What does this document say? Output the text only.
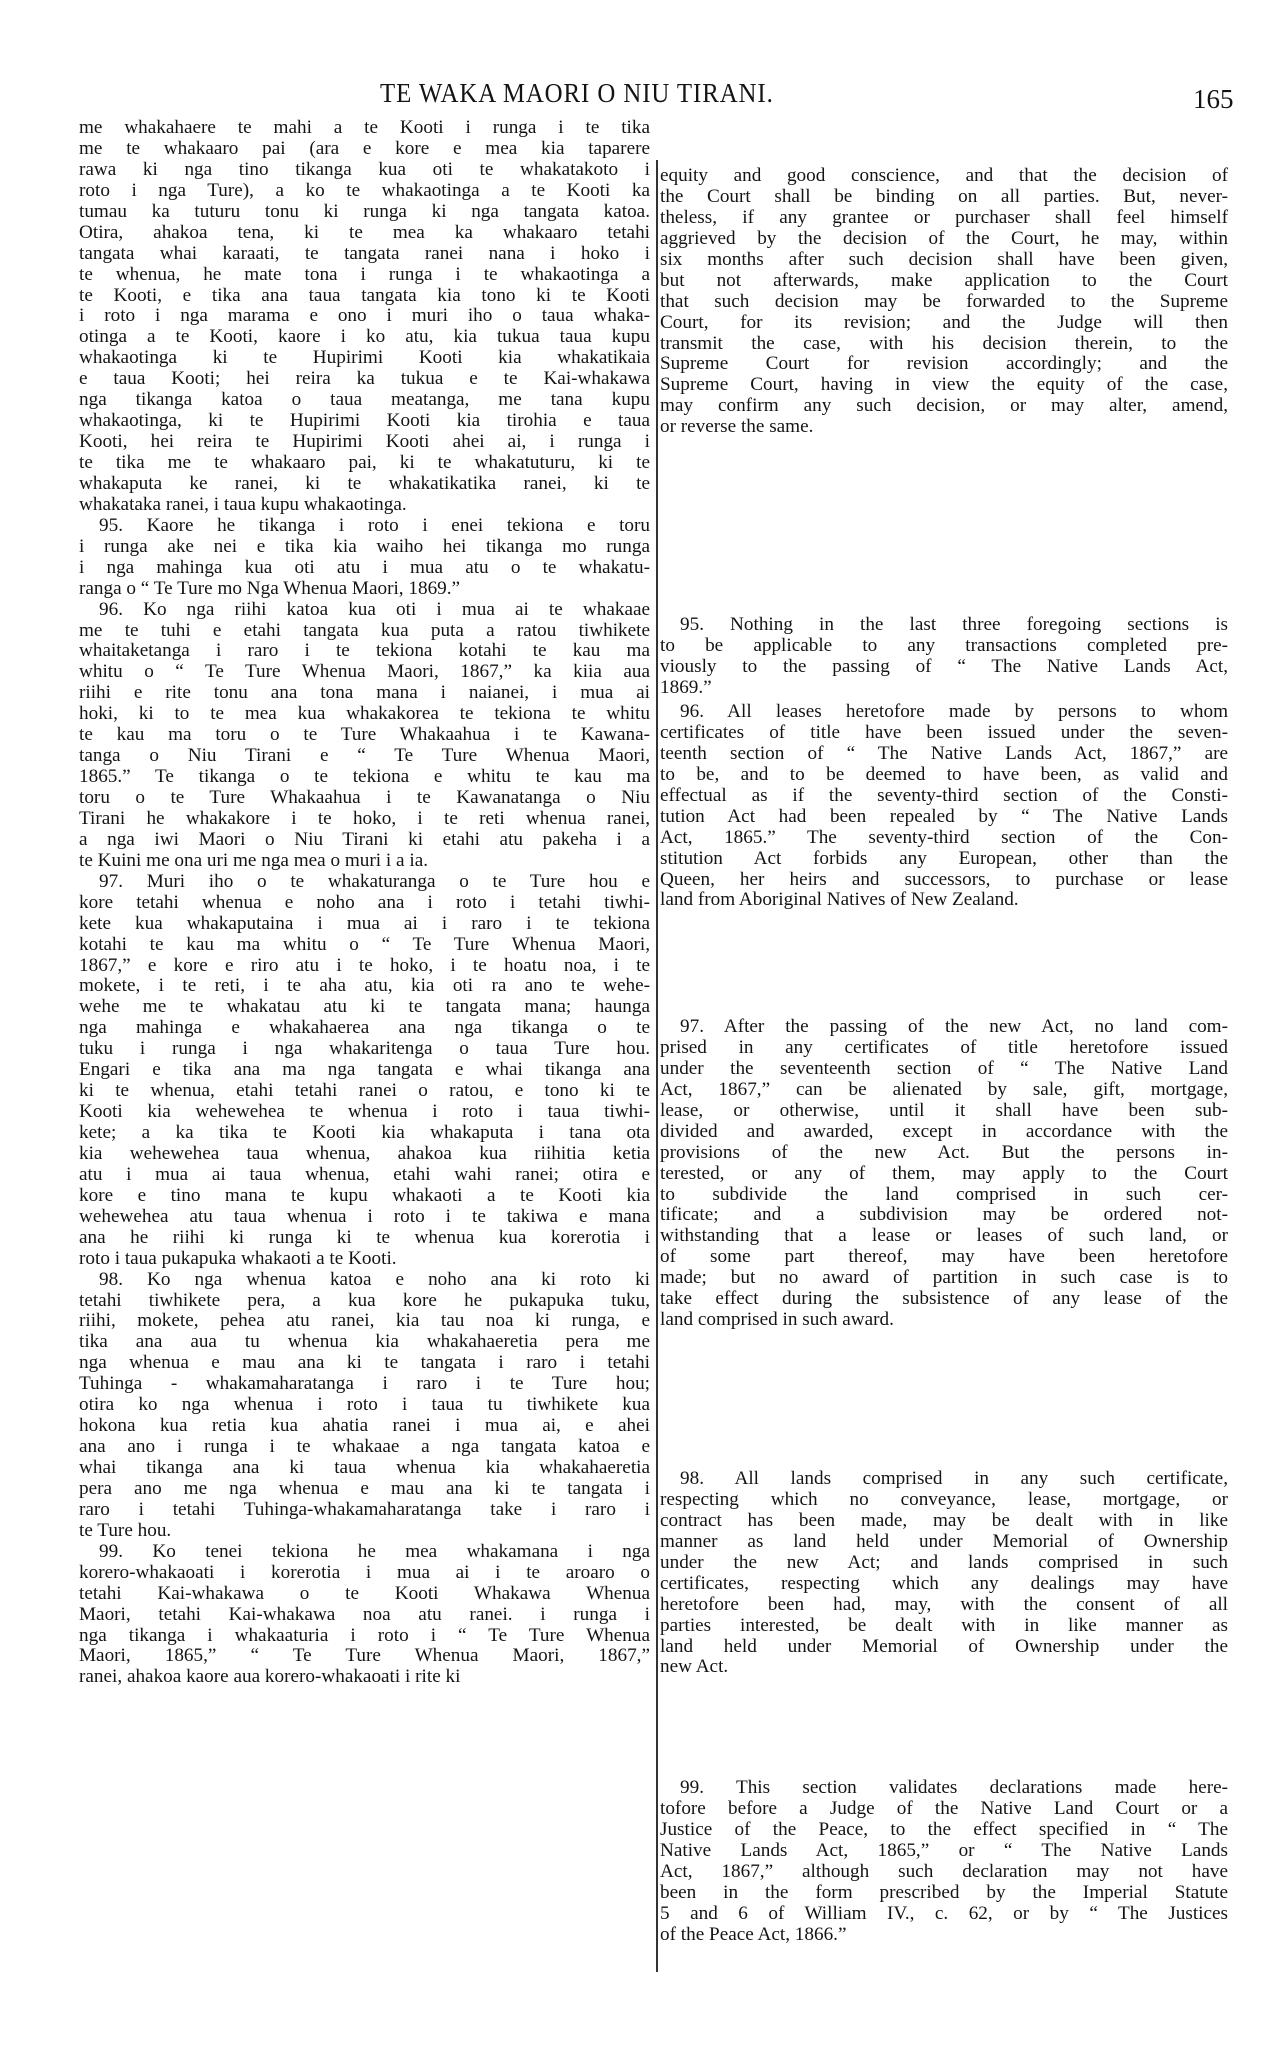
TE WAKA MAORI O NIU TIRANI.	165
me whakahaere te mahi a te Kooti i runga i te tika
me te whakaaro pai (ara e kore e mea kia taparere
rawa ki nga tino tikanga kua oti te whakatakoto i
roto i nga Ture), a ko te whakaotinga a te Kooti ka
tumau ka tuturu tonu ki runga ki nga tangata katoa.
Otira, ahakoa tena, ki te mea ka whakaaro tetahi
tangata whai karaati, te tangata ranei nana i hoko i
te whenua, he mate tona i runga i te whakaotinga a
te Kooti, e tika ana taua tangata kia tono ki te Kooti
i roto i nga marama e ono i muri iho o taua whaka-
otinga a te Kooti, kaore i ko atu, kia tukua taua kupu
whakaotinga ki te Hupirimi Kooti kia whakatikaia
e taua Kooti; hei reira ka tukua e te Kai-whakawa
nga tikanga katoa o taua meatanga, me tana kupu
whakaotinga, ki te Hupirimi Kooti kia tirohia e taua
Kooti, hei reira te Hupirimi Kooti ahei ai, i runga i
te tika me te whakaaro pai, ki te whakatuturu, ki te
whakaputa ke ranei, ki te whakatikatika ranei, ki te
whakataka ranei, i taua kupu whakaotinga.
95. Kaore he tikanga i roto i enei tekiona e toru
i runga ake nei e tika kia waiho hei tikanga mo runga
i nga mahinga kua oti atu i mua atu o te whakatu-
ranga o “ Te Ture mo Nga Whenua Maori, 1869.”
96. Ko nga riihi katoa kua oti i mua ai te whakaae
me te tuhi e etahi tangata kua puta a ratou tiwhikete
whaitaketanga i raro i te tekiona kotahi te kau ma
whitu o “ Te Ture Whenua Maori, 1867,” ka kiia aua
riihi e rite tonu ana tona mana i naianei, i mua ai
hoki, ki to te mea kua whakakorea te tekiona te whitu
te kau ma toru o te Ture Whakaahua i te Kawana-
tanga o Niu Tirani e “ Te Ture Whenua Maori,
1865.” Te tikanga o te tekiona e whitu te kau ma
toru o te Ture Whakaahua i te Kawanatanga o Niu
Tirani he whakakore i te hoko, i te reti whenua ranei,
a nga iwi Maori o Niu Tirani ki etahi atu pakeha i a
te Kuini me ona uri me nga mea o muri i a ia.
97. Muri iho o te whakaturanga o te Ture hou e
kore tetahi whenua e noho ana i roto i tetahi tiwhi-
kete kua whakaputaina i mua ai i raro i te tekiona
kotahi te kau ma whitu o “ Te Ture Whenua Maori,
1867,” e kore e riro atu i te hoko, i te hoatu noa, i te
mokete, i te reti, i te aha atu, kia oti ra ano te wehe-
wehe me te whakatau atu ki te tangata mana; haunga
nga mahinga e whakahaerea ana nga tikanga o te
tuku i runga i nga whakaritenga o taua Ture hou.
Engari e tika ana ma nga tangata e whai tikanga ana
ki te whenua, etahi tetahi ranei o ratou, e tono ki te
Kooti kia wehewehea te whenua i roto i taua tiwhi-
kete; a ka tika te Kooti kia whakaputa i tana ota
kia wehewehea taua whenua, ahakoa kua riihitia ketia
atu i mua ai taua whenua, etahi wahi ranei; otira e
kore e tino mana te kupu whakaoti a te Kooti kia
wehewehea atu taua whenua i roto i te takiwa e mana
ana he riihi ki runga ki te whenua kua korerotia i
roto i taua pukapuka whakaoti a te Kooti.
98. Ko nga whenua katoa e noho ana ki roto ki
tetahi tiwhikete pera, a kua kore he pukapuka tuku,
riihi, mokete, pehea atu ranei, kia tau noa ki runga, e
tika ana aua tu whenua kia whakahaeretia pera me
nga whenua e mau ana ki te tangata i raro i tetahi
Tuhinga - whakamaharatanga i raro i te Ture hou;
otira ko nga whenua i roto i taua tu tiwhikete kua
hokona kua retia kua ahatia ranei i mua ai, e ahei
ana ano i runga i te whakaae a nga tangata katoa e
whai tikanga ana ki taua whenua kia whakahaeretia
pera ano me nga whenua e mau ana ki te tangata i
raro i tetahi Tuhinga-whakamaharatanga take i raro i
te Ture hou.
99. Ko tenei tekiona he mea whakamana i nga
korero-whakaoati i korerotia i mua ai i te aroaro o
tetahi Kai-whakawa o te Kooti Whakawa Whenua
Maori, tetahi Kai-whakawa noa atu ranei. i runga i
nga tikanga i whakaaturia i roto i “ Te Ture Whenua
Maori, 1865,” “ Te Ture Whenua Maori, 1867,”
ranei, ahakoa kaore aua korero-whakaoati i rite ki
equity and good conscience, and that the decision of
the Court shall be binding on all parties. But, never-
theless, if any grantee or purchaser shall feel himself
aggrieved by the decision of the Court, he may, within
six months after such decision shall have been given,
but not afterwards, make application to the Court
that such decision may be forwarded to the Supreme
Court, for its revision; and the Judge will then
transmit the case, with his decision therein, to the
Supreme Court for revision accordingly; and the
Supreme Court, having in view the equity of the case,
may confirm any such decision, or may alter, amend,
or reverse the same.
95. Nothing in the last three foregoing sections is
to be applicable to any transactions completed pre-
viously to the passing of “ The Native Lands Act,
1869.”
96. All leases heretofore made by persons to whom
certificates of title have been issued under the seven-
teenth section of “ The Native Lands Act, 1867,” are
to be, and to be deemed to have been, as valid and
effectual as if the seventy-third section of the Consti-
tution Act had been repealed by “ The Native Lands
Act, 1865.” The seventy-third section of the Con-
stitution Act forbids any European, other than the
Queen, her heirs and successors, to purchase or lease
land from Aboriginal Natives of New Zealand.
97. After the passing of the new Act, no land com-
prised in any certificates of title heretofore issued
under the seventeenth section of “ The Native Land
Act, 1867,” can be alienated by sale, gift, mortgage,
lease, or otherwise, until it shall have been sub-
divided and awarded, except in accordance with the
provisions of the new Act. But the persons in-
terested, or any of them, may apply to the Court
to subdivide the land comprised in such cer-
tificate; and a subdivision may be ordered not-
withstanding that a lease or leases of such land, or
of some part thereof, may have been heretofore
made; but no award of partition in such case is to
take effect during the subsistence of any lease of the
land comprised in such award.
98. All lands comprised in any such certificate,
respecting which no conveyance, lease, mortgage, or
contract has been made, may be dealt with in like
manner as land held under Memorial of Ownership
under the new Act; and lands comprised in such
certificates, respecting which any dealings may have
heretofore been had, may, with the consent of all
parties interested, be dealt with in like manner as
land held under Memorial of Ownership under the
new Act.
99. This section validates declarations made here-
tofore before a Judge of the Native Land Court or a
Justice of the Peace, to the effect specified in “ The
Native Lands Act, 1865,” or “ The Native Lands
Act, 1867,” although such declaration may not have
been in the form prescribed by the Imperial Statute
5 and 6 of William IV., c. 62, or by “ The Justices
of the Peace Act, 1866.”
